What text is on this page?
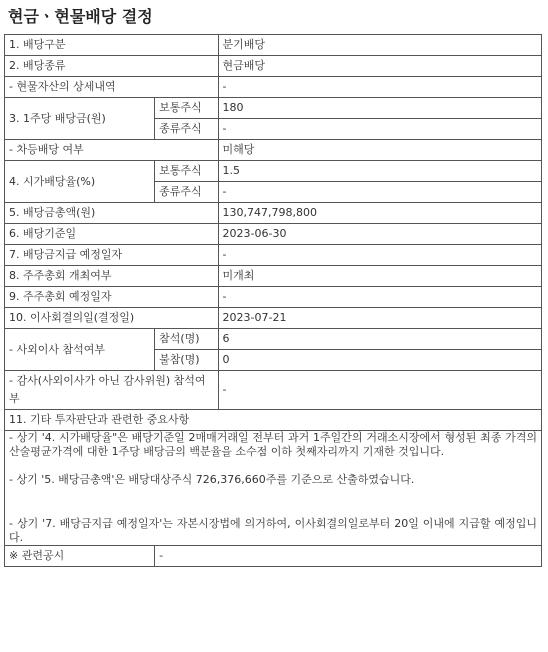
현금ㆍ현물배당 결정
1. 배당구분		분기배당
2. 배당종류		현금배당
- 현물자산의 상세내역		-
3. 1주당 배당금(원)	보통주식	180
	종류주식	-
- 차등배당 여부		미해당
4. 시가배당율(%)	보통주식	1.5
	종류주식	-
5. 배당금총액(원)		130,747,798,800
6. 배당기준일		2023-06-30
7. 배당금지급 예정일자		-
8. 주주총회 개최여부		미개최
9. 주주총회 예정일자		-
10. 이사회결의일(결정일)		2023-07-21
- 사외이사 참석여부	참석(명)	6
	불참(명)	0
- 감사(사외이사가 아닌 감사위원) 참석여부		-
11. 기타 투자판단과 관련한 중요사항		

- 상기 '4. 시가배당율"은 배당기준일 2매매거래일 전부터 과거 1주일간의 거래소시장에서 형성된 최종 가격의 산술평균가격에 대한 1주당 배당금의 백분율을 소수점 이하 첫째자리까지 기재한 것입니다.

- 상기 '5. 배당금총액'은 배당대상주식 726,376,660주를 기준으로 산출하였습니다.

- 상기 '7. 배당금지급 예정일자'는 자본시장법에 의거하여, 이사회결의일로부터 20일 이내에 지급할 예정입니다.		

※ 관련공시	-	
